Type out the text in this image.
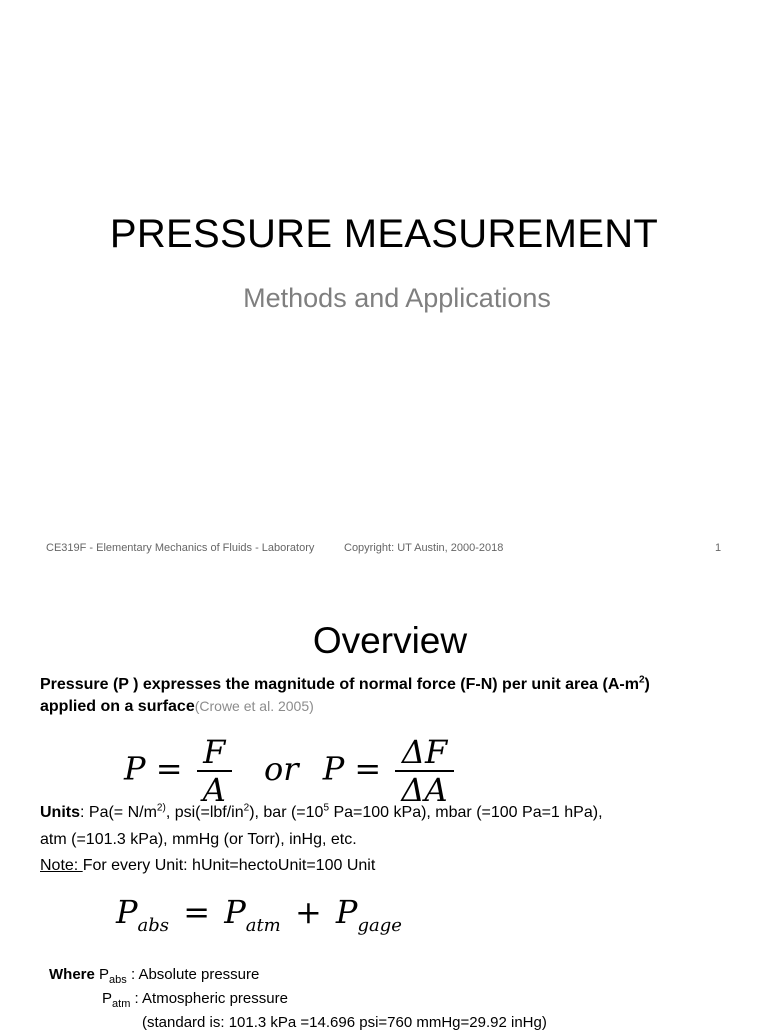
PRESSURE MEASUREMENT
Methods and Applications
CE319F - Elementary Mechanics of Fluids - Laboratory	Copyright: UT Austin, 2000-2018	1
Overview
Pressure (P ) expresses the magnitude of normal force (F-N) per unit area $(A-m^2)$
applied on a surface(Crowe et al. 2005)
$P = \frac{F}{A}$ or $P = \frac{\Delta F}{\Delta A}$
Units: $Pa(= N/m^{2)}$, $psi(=lbf/in^2)$, bar ($=10^5$ Pa=100 kPa), mbar (=100 Pa=1 hPa),
atm (=101.3 kPa), mmHg (or Torr), inHg, etc.
Note: For every Unit: hUnit=hectoUnit=100 Unit
$P_{abs} = P_{atm} + P_{gage}$
Where $P_{abs}$ : Absolute pressure
$P_{atm}$ : Atmospheric pressure
(standard is: 101.3 kPa =14.696 psi=760 mmHg=29.92 inHg)
